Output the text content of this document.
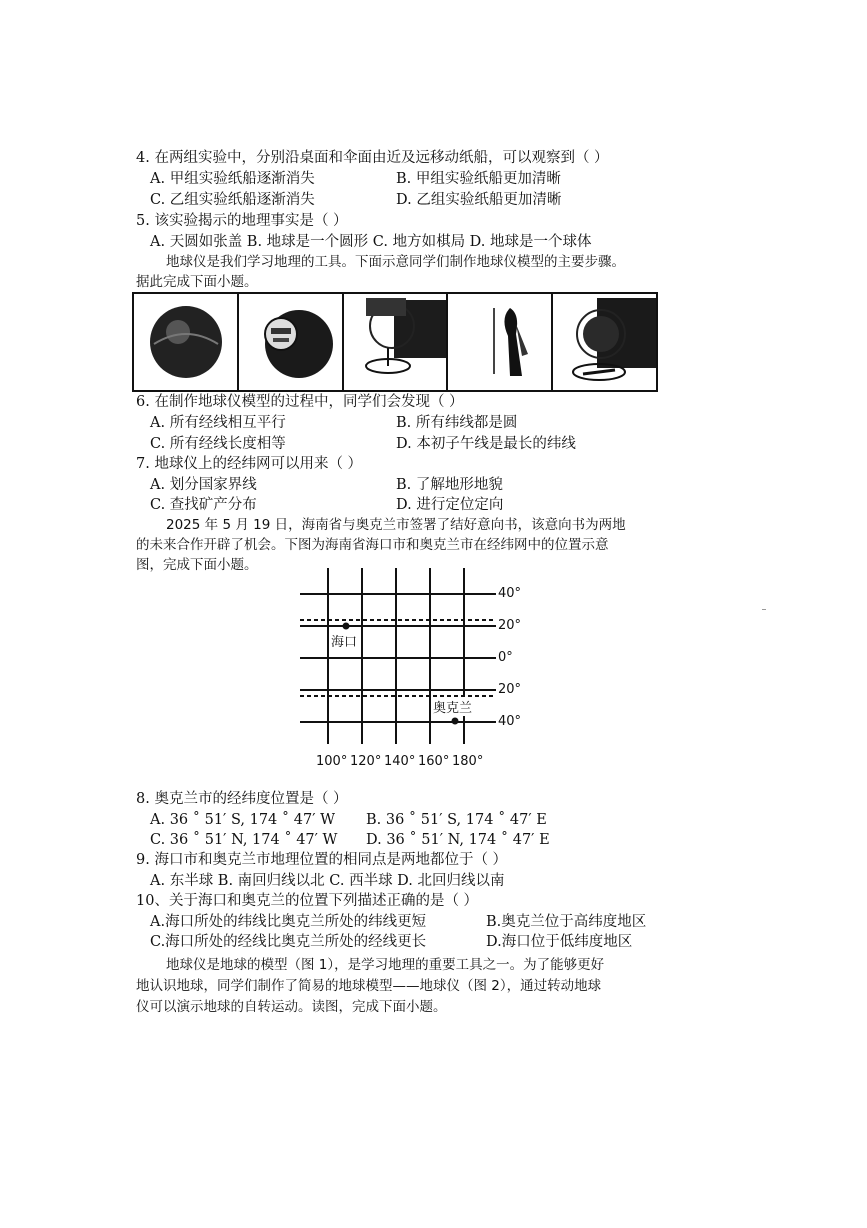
4. 在两组实验中，分别沿桌面和伞面由近及远移动纸船，可以观察到（ ）
A. 甲组实验纸船逐渐消失	B. 甲组实验纸船更加清晰
C. 乙组实验纸船逐渐消失	D. 乙组实验纸船更加清晰
5. 该实验揭示的地理事实是（ ）
A. 天圆如张盖 B. 地球是一个圆形 C. 地方如棋局 D. 地球是一个球体
地球仪是我们学习地理的工具。下面示意同学们制作地球仪模型的主要步骤。
据此完成下面小题。
6. 在制作地球仪模型的过程中，同学们会发现（ ）
A. 所有经线相互平行	B. 所有纬线都是圆
C. 所有经线长度相等	D. 本初子午线是最长的纬线
7. 地球仪上的经纬网可以用来（ ）
A. 划分国家界线	B. 了解地形地貌
C. 查找矿产分布	D. 进行定位定向
2025 年 5 月 19 日，海南省与奥克兰市签署了结好意向书，该意向书为两地
的未来合作开辟了机会。下图为海南省海口市和奥克兰市在经纬网中的位置示意
图，完成下面小题。
40°
20°
0°
20°
40°
海口
奥克兰
100° 120° 140° 160° 180°
8. 奥克兰市的经纬度位置是（ ）
A. 36 ˚ 51′ S, 174 ˚ 47′ W B. 36 ˚ 51′ S, 174 ˚ 47′ E
C. 36 ˚ 51′ N, 174 ˚ 47′ W D. 36 ˚ 51′ N, 174 ˚ 47′ E
9. 海口市和奥克兰市地理位置的相同点是两地都位于（ ）
A. 东半球 B. 南回归线以北 C. 西半球 D. 北回归线以南
10、关于海口和奥克兰的位置下列描述正确的是（ ）
A.海口所处的纬线比奥克兰所处的纬线更短	B.奥克兰位于高纬度地区
C.海口所处的经线比奥克兰所处的经线更长	D.海口位于低纬度地区
地球仪是地球的模型（图 1），是学习地理的重要工具之一。为了能够更好
地认识地球，同学们制作了简易的地球模型——地球仪（图 2），通过转动地球
仪可以演示地球的自转运动。读图，完成下面小题。
